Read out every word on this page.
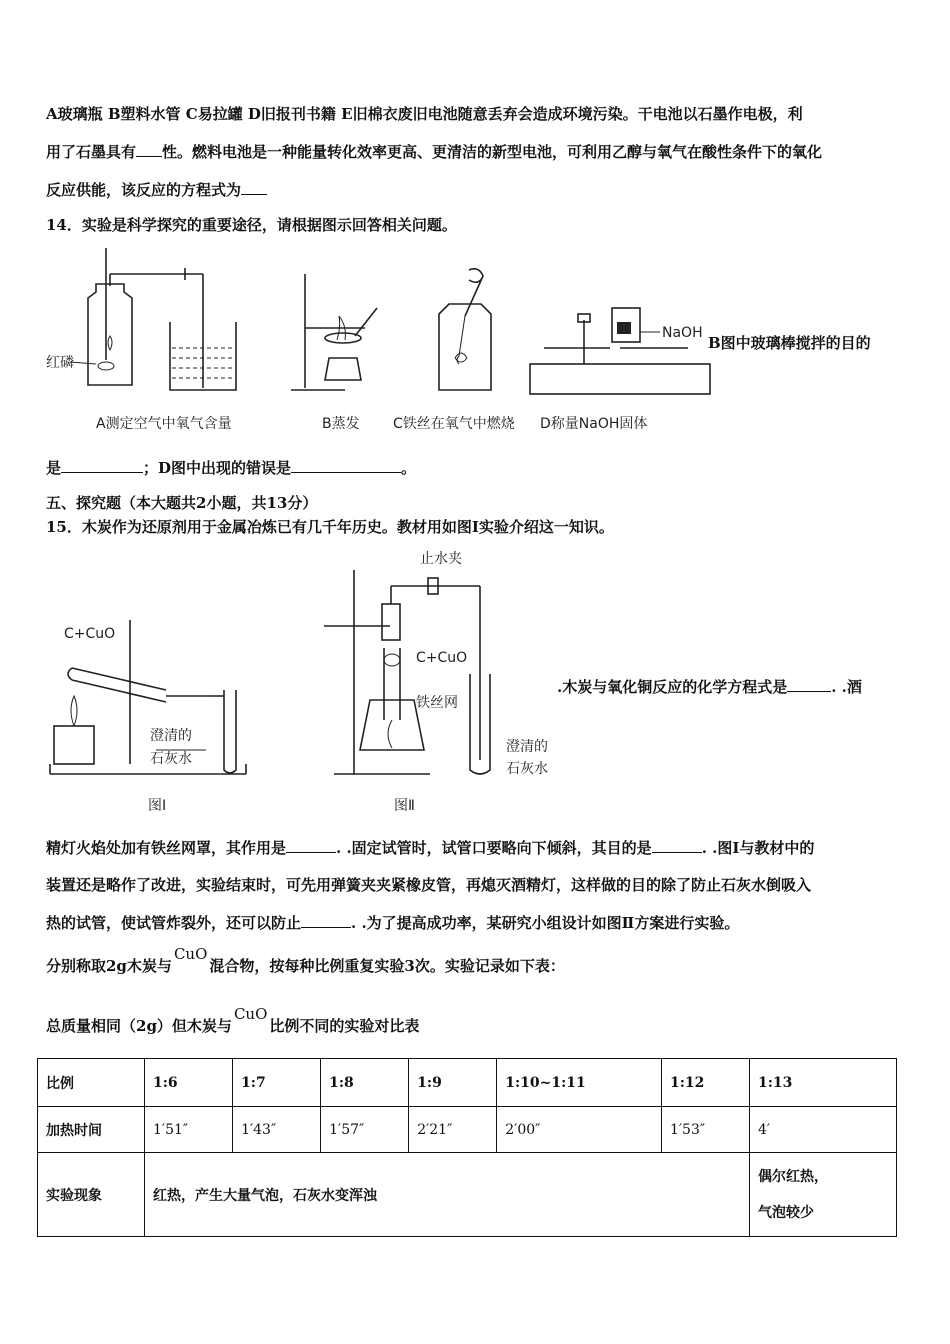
A玻璃瓶 B塑料水管 C易拉罐 D旧报刊书籍 E旧棉衣废旧电池随意丢弃会造成环境污染。干电池以石墨作电极，利
用了石墨具有 性。燃料电池是一种能量转化效率更高、更清洁的新型电池，可利用乙醇与氧气在酸性条件下的氧化
反应供能，该反应的方程式为
14．实验是科学探究的重要途径，请根据图示回答相关问题。
红磷
NaOH
B图中玻璃棒搅拌的目的
A测定空气中氧气含量	B蒸发 C铁丝在氧气中燃烧 D称量NaOH固体
是	；D图中出现的错误是	。
五、探究题（本大题共2小题，共13分）
15．木炭作为还原剂用于金属冶炼已有几千年历史。教材用如图Ⅰ实验介绍这一知识。
C+CuO
澄清的
石灰水
图Ⅰ
止水夹
C+CuO
铁丝网
澄清的
石灰水
图Ⅱ
.木炭与氧化铜反应的化学方程式是	. .酒
精灯火焰处加有铁丝网罩，其作用是	. .固定试管时，试管口要略向下倾斜，其目的是	. .图Ⅰ与教材中的
装置还是略作了改进，实验结束时，可先用弹簧夹夹紧橡皮管，再熄灭酒精灯，这样做的目的除了防止石灰水倒吸入
热的试管，使试管炸裂外，还可以防止	. .为了提高成功率，某研究小组设计如图Ⅱ方案进行实验。
分别称取2g木炭与CuO混合物，按每种比例重复实验3次。实验记录如下表：
总质量相同（2g）但木炭与CuO比例不同的实验对比表
比例	1:6	1:7	1:8	1:9	1:10~1:11	1:12	1:13
加热时间	1′51″	1′43″	1′57″	2′21″	2′00″	1′53″	4′
实验现象	红热，产生大量气泡，石灰水变浑浊						偶尔红热，
气泡较少
